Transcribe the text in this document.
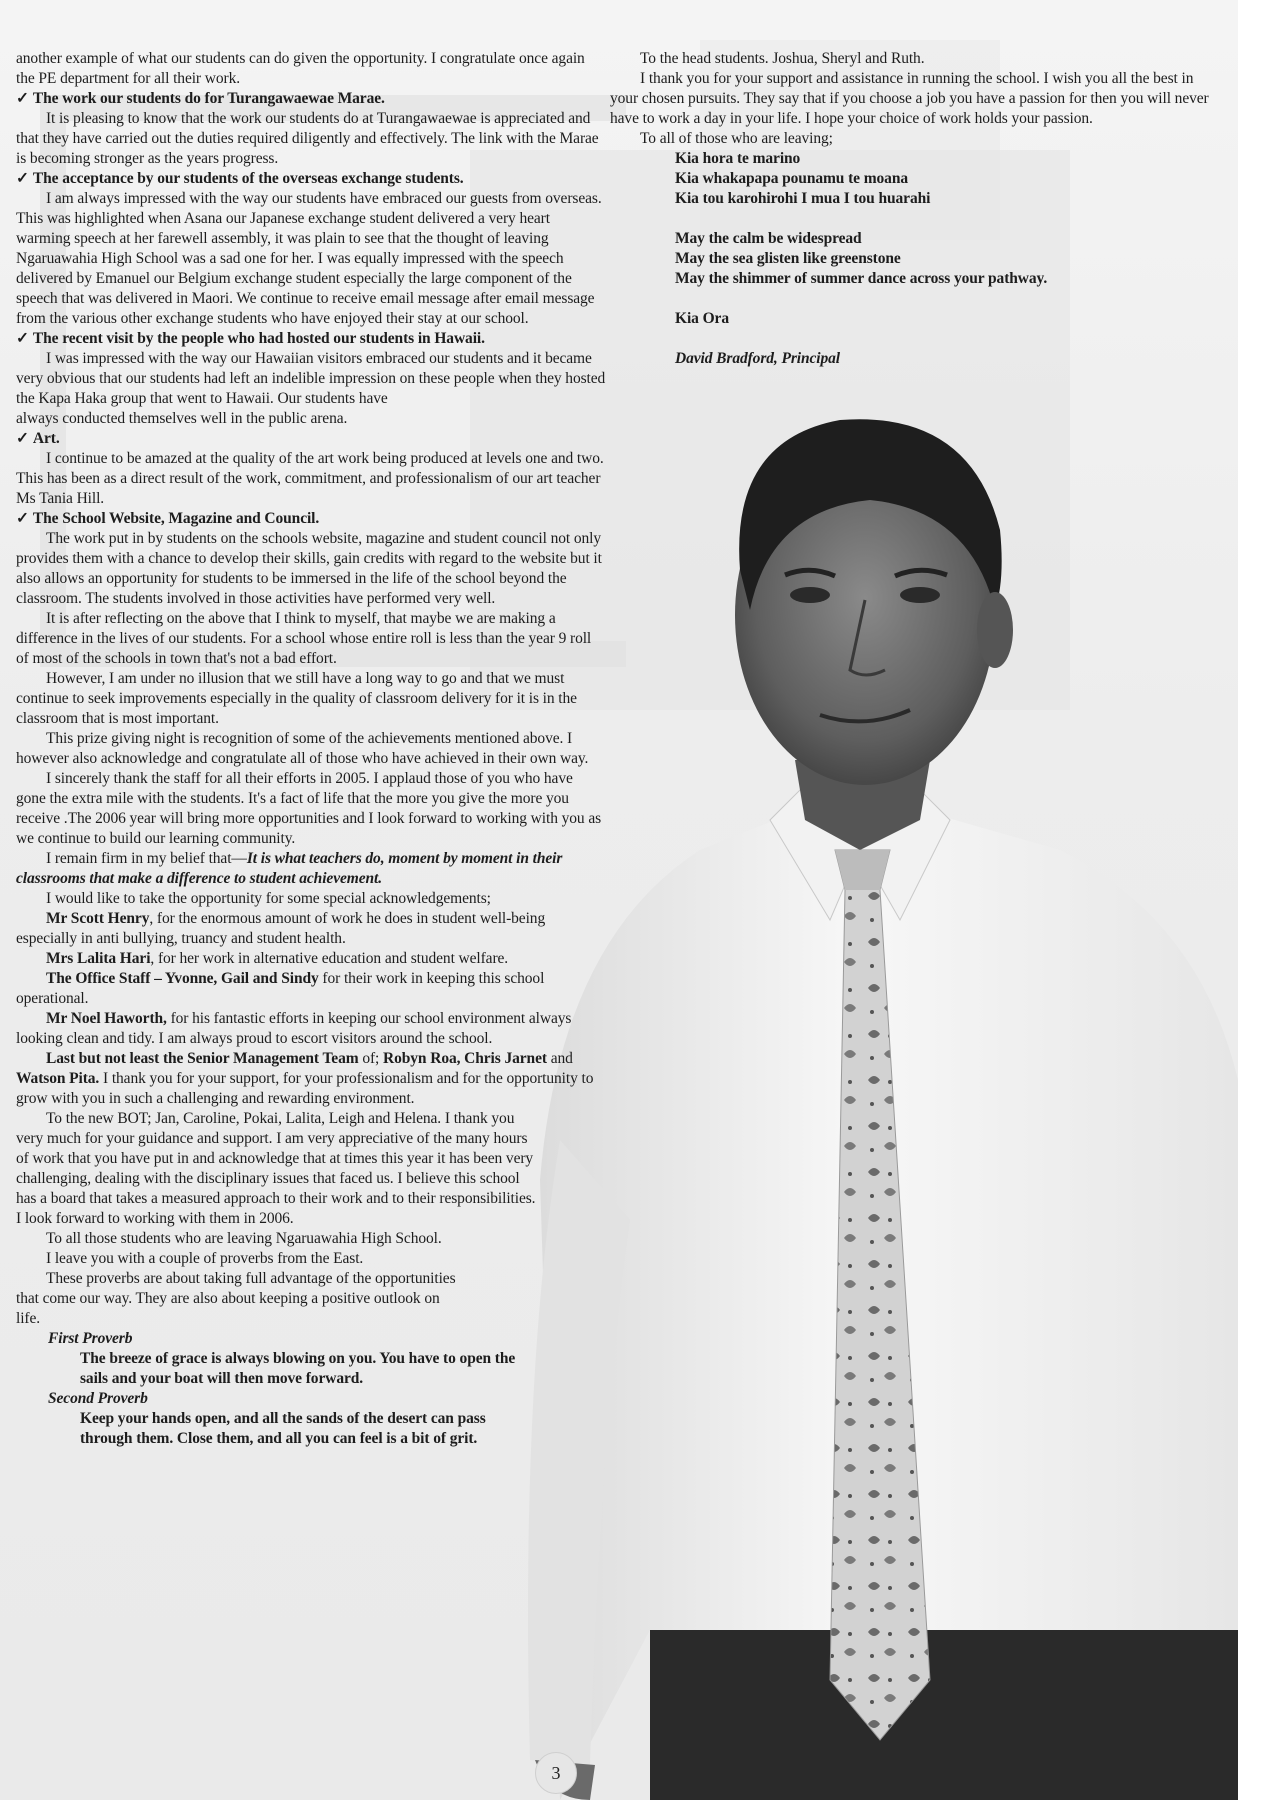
another example of what our students can do given the opportunity. I congratulate once again the PE department for all their work.

✓ The work our students do for Turangawaewae Marae.

It is pleasing to know that the work our students do at Turangawaewae is appreciated and that they have carried out the duties required diligently and effectively. The link with the Marae is becoming stronger as the years progress.

✓ The acceptance by our students of the overseas exchange students.

I am always impressed with the way our students have embraced our guests from overseas. This was highlighted when Asana our Japanese exchange student delivered a very heart warming speech at her farewell assembly, it was plain to see that the thought of leaving Ngaruawahia High School was a sad one for her. I was equally impressed with the speech delivered by Emanuel our Belgium exchange student especially the large component of the speech that was delivered in Maori. We continue to receive email message after email message from the various other exchange students who have enjoyed their stay at our school.

✓ The recent visit by the people who had hosted our students in Hawaii.

I was impressed with the way our Hawaiian visitors embraced our students and it became very obvious that our students had left an indelible impression on these people when they hosted the Kapa Haka group that went to Hawaii. Our students have

always conducted themselves well in the public arena.

✓ Art.

I continue to be amazed at the quality of the art work being produced at levels one and two. This has been as a direct result of the work, commitment, and professionalism of our art teacher Ms Tania Hill.

✓ The School Website, Magazine and Council.

The work put in by students on the schools website, magazine and student council not only provides them with a chance to develop their skills, gain credits with regard to the website but it also allows an opportunity for students to be immersed in the life of the school beyond the classroom. The students involved in those activities have performed very well.

It is after reflecting on the above that I think to myself, that maybe we are making a difference in the lives of our students. For a school whose entire roll is less than the year 9 roll of most of the schools in town that's not a bad effort.

However, I am under no illusion that we still have a long way to go and that we must continue to seek improvements especially in the quality of classroom delivery for it is in the classroom that is most important.

This prize giving night is recognition of some of the achievements mentioned above. I however also acknowledge and congratulate all of those who have achieved in their own way.

I sincerely thank the staff for all their efforts in 2005. I applaud those of you who have gone the extra mile with the students. It's a fact of life that the more you give the more you receive .The 2006 year will bring more opportunities and I look forward to working with you as we continue to build our learning community.

I remain firm in my belief that—It is what teachers do, moment by moment in their classrooms that make a difference to student achievement.

I would like to take the opportunity for some special acknowledgements;

Mr Scott Henry, for the enormous amount of work he does in student well-being especially in anti bullying, truancy and student health.

Mrs Lalita Hari, for her work in alternative education and student welfare.

The Office Staff – Yvonne, Gail and Sindy for their work in keeping this school operational.

Mr Noel Haworth, for his fantastic efforts in keeping our school environment always looking clean and tidy. I am always proud to escort visitors around the school.

Last but not least the Senior Management Team of; Robyn Roa, Chris Jarnet and Watson Pita. I thank you for your support, for your professionalism and for the opportunity to grow with you in such a challenging and rewarding environment.

To the new BOT; Jan, Caroline, Pokai, Lalita, Leigh and Helena. I thank you very much for your guidance and support. I am very appreciative of the many hours of work that you have put in and acknowledge that at times this year it has been very challenging, dealing with the disciplinary issues that faced us. I believe this school has a board that takes a measured approach to their work and to their responsibilities. I look forward to working with them in 2006.

To all those students who are leaving Ngaruawahia High School.

I leave you with a couple of proverbs from the East.

These proverbs are about taking full advantage of the opportunities that come our way. They are also about keeping a positive outlook on life.

First Proverb

The breeze of grace is always blowing on you. You have to open the sails and your boat will then move forward.

Second Proverb

Keep your hands open, and all the sands of the desert can pass through them. Close them, and all you can feel is a bit of grit.

To the head students. Joshua, Sheryl and Ruth.

I thank you for your support and assistance in running the school. I wish you all the best in your chosen pursuits. They say that if you choose a job you have a passion for then you will never have to work a day in your life. I hope your choice of work holds your passion.

To all of those who are leaving;

Kia hora te marino

Kia whakapapa pounamu te moana

Kia tou karohirohi I mua I tou huarahi

May the calm be widespread

May the sea glisten like greenstone

May the shimmer of summer dance across your pathway.

Kia Ora

David Bradford, Principal

3
